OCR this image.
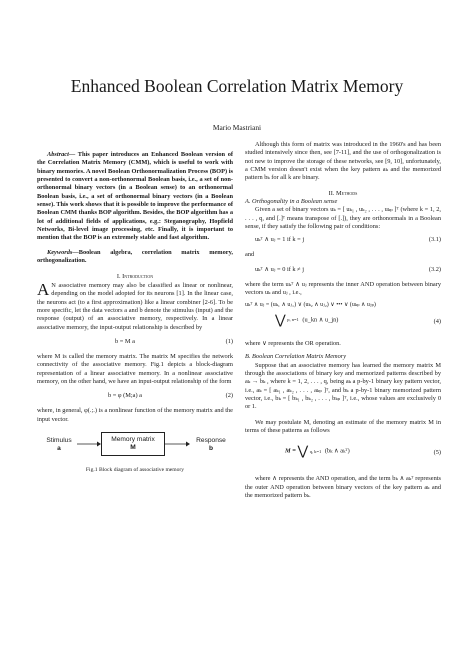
Enhanced Boolean Correlation Matrix Memory
Mario Mastriani

Abstract— This paper introduces an Enhanced Boolean version of the Correlation Matrix Memory (CMM), which is useful to work with binary memories. A novel Boolean Orthonormalization Process (BOP) is presented to convert a non-orthonormal Boolean basis, i.e., a set of non-orthonormal binary vectors (in a Boolean sense) to an orthonormal Boolean basis, i.e., a set of orthonormal binary vectors (in a Boolean sense). This work shows that it is possible to improve the performance of Boolean CMM thanks BOP algorithm. Besides, the BOP algorithm has a lot of additional fields of applications, e.g.: Steganography, Hopfield Networks, Bi-level image processing, etc. Finally, it is important to mention that the BOP is an extremely stable and fast algorithm.

Keywords—Boolean algebra, correlation matrix memory, orthogonalization.

I. Introduction

A N associative memory may also be classified as linear or nonlinear, depending on the model adopted for its neurons [1]. In the linear case, the neurons act (to a first approximation) like a linear combiner [2-6]. To be more specific, let the data vectors a and b denote the stimulus (input) and the response (output) of an associative memory, respectively. In a linear associative memory, the input-output relationship is described by

b = M a	(1)

where M is called the memory matrix. The matrix M specifies the network connectivity of the associative memory. Fig.1 depicts a block-diagram representation of a linear associative memory. In a nonlinear associative memory, on the other hand, we have an input-output relationship of the form

b = φ (M;a) a	(2)

where, in general, φ(.;.) is a nonlinear function of the memory matrix and the input vector.

Stimulus
a
Memory matrix
M
Response
b

Fig.1 Block diagram of associative memory

Although this form of matrix was introduced in the 1960's and has been studied intensively since then, see [7-11], and the use of orthogonalization is not new to improve the storage of these networks, see [9, 10], unfortunately, a CMM version doesn't exist when the key pattern aₖ and the memorized pattern bₖ for all k are binary.

II. Methods

A. Orthogonality in a Boolean sense

Given a set of binary vectors uₖ = [ uₖ₁ , uₖ₂ , . . . , uₖₚ ]ᵀ (where k = 1, 2, . . . , q, and [.]ᵀ means transpose of [.]), they are orthonormals in a Boolean sense, if they satisfy the following pair of conditions:

uₖᵀ ∧ uⱼ = 1 if k = j	(3.1)

and

uₖᵀ ∧ uⱼ = 0 if k ≠ j	(3.2)

where the term uₖᵀ ∧ uⱼ represents the inner AND operation between binary vectors uₖ and uⱼ , i.e.,

uₖᵀ ∧ uⱼ = (uₖ₁ ∧ uⱼ₁) ∨ (uₖ₂ ∧ uⱼ₂) ∨ ••• ∨ (uₖₚ ∧ uⱼₚ)
⋁ p, n=1 (u_kn ∧ u_jn)	(4)

where ∨ represents the OR operation.

B. Boolean Correlation Matrix Memory

Suppose that an associative memory has learned the memory matrix M through the associations of binary key and memorized patterns described by aₖ → bₖ , where k = 1, 2, . . . , q, being aₖ a p-by-1 binary key pattern vector, i.e., aₖ = [ aₖ₁ , aₖ₂ , . . . , aₖₚ ]ᵀ, and bₖ a p-by-1 binary memorized pattern vector, i.e., bₖ = [ bₖ₁ , bₖ₂ , . . . , bₖₚ ]ᵀ, i.e., whose values are exclusively 0 or 1.

We may postulate M, denoting an estimate of the memory matrix M in terms of these patterns as follows

M = ⋁ q, k=1 (bₖ ∧ aₖᵀ)	(5)

where ∧ represents the AND operation, and the term bₖ ∧ aₖᵀ represents the outer AND operation between binary vectors of the key pattern aₖ and the memorized pattern bₖ.
